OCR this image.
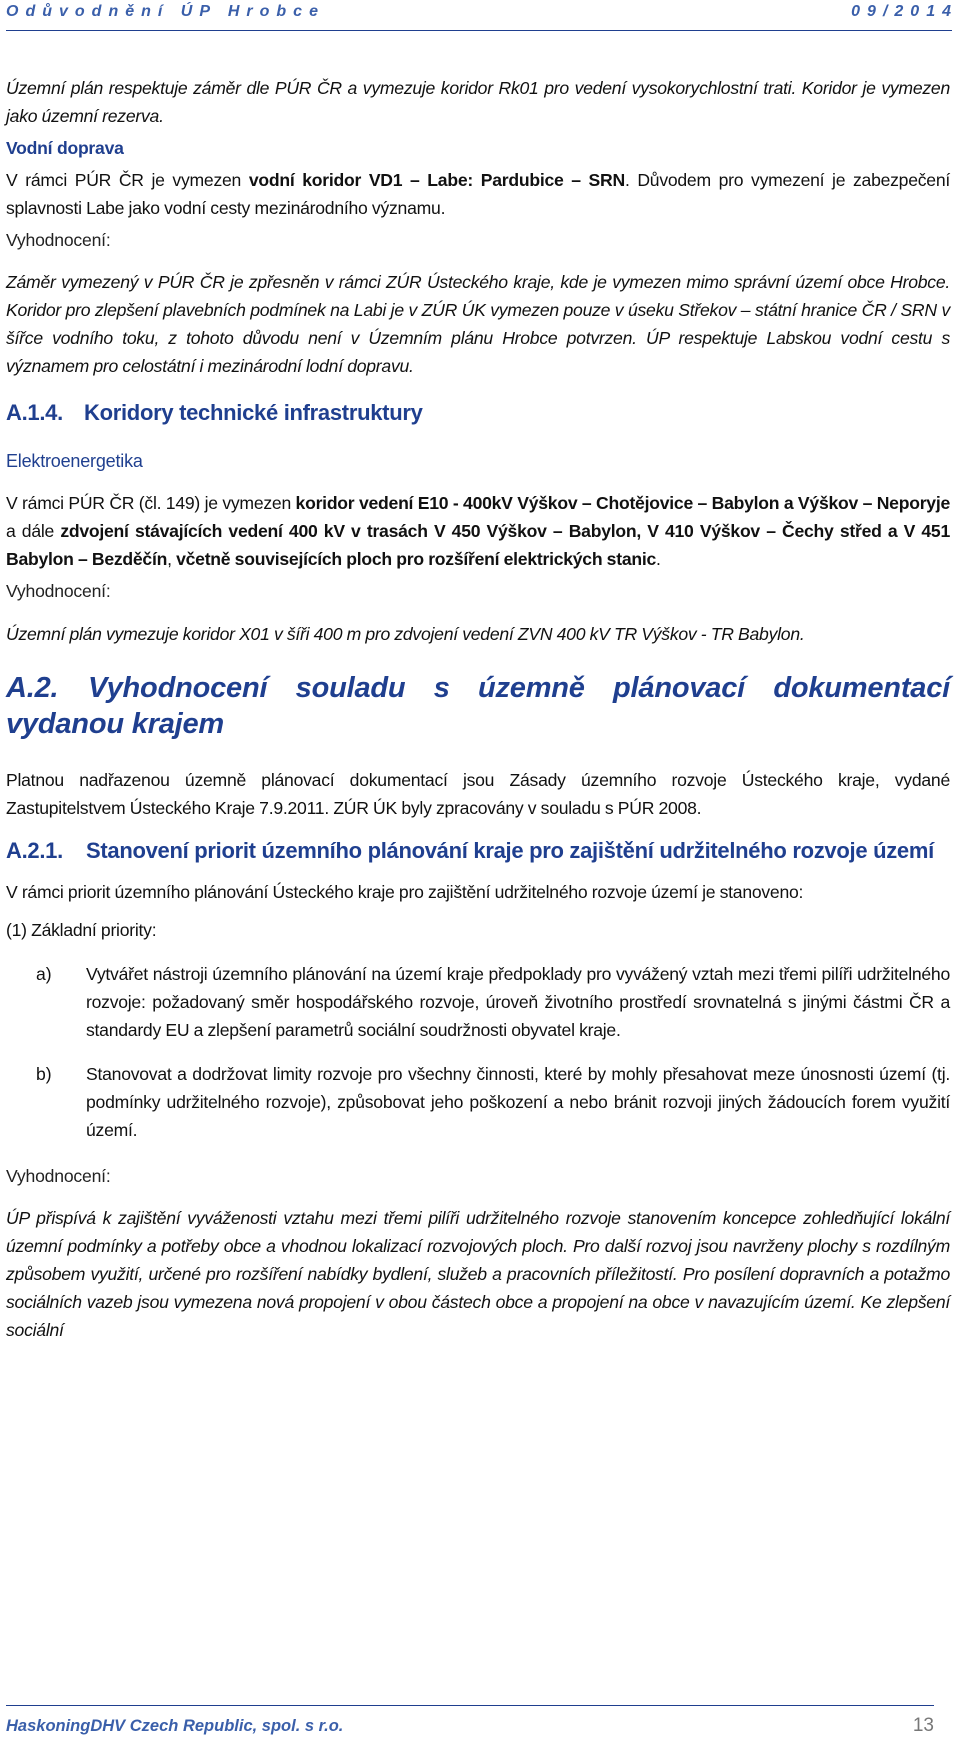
Odůvodnění ÚP Hrobce	09/2014

Územní plán respektuje záměr dle PÚR ČR a vymezuje koridor Rk01 pro vedení vysokorychlostní trati. Koridor je vymezen jako územní rezerva.

Vodní doprava

V rámci PÚR ČR je vymezen vodní koridor VD1 – Labe: Pardubice – SRN. Důvodem pro vymezení je zabezpečení splavnosti Labe jako vodní cesty mezinárodního významu.

Vyhodnocení:

Záměr vymezený v PÚR ČR je zpřesněn v rámci ZÚR Ústeckého kraje, kde je vymezen mimo správní území obce Hrobce. Koridor pro zlepšení plavebních podmínek na Labi je v ZÚR ÚK vymezen pouze v úseku Střekov – státní hranice ČR / SRN v šířce vodního toku, z tohoto důvodu není v Územním plánu Hrobce potvrzen. ÚP respektuje Labskou vodní cestu s významem pro celostátní i mezinárodní lodní dopravu.

A.1.4. Koridory technické infrastruktury
Elektroenergetika

V rámci PÚR ČR (čl. 149) je vymezen koridor vedení E10 - 400kV Výškov – Chotějovice – Babylon a Výškov – Neporyje a dále zdvojení stávajících vedení 400 kV v trasách V 450 Výškov – Babylon, V 410 Výškov – Čechy střed a V 451 Babylon – Bezděčín, včetně souvisejících ploch pro rozšíření elektrických stanic.

Vyhodnocení:

Územní plán vymezuje koridor X01 v šíři 400 m pro zdvojení vedení ZVN 400 kV TR Výškov - TR Babylon.

A.2. Vyhodnocení souladu s územně plánovací dokumentací vydanou krajem

Platnou nadřazenou územně plánovací dokumentací jsou Zásady územního rozvoje Ústeckého kraje, vydané Zastupitelstvem Ústeckého Kraje 7.9.2011. ZÚR ÚK byly zpracovány v souladu s PÚR 2008.

A.2.1. Stanovení priorit územního plánování kraje pro zajištění udržitelného rozvoje území

V rámci priorit územního plánování Ústeckého kraje pro zajištění udržitelného rozvoje území je stanoveno:

(1) Základní priority:
a) Vytvářet nástroji územního plánování na území kraje předpoklady pro vyvážený vztah mezi třemi pilíři udržitelného rozvoje: požadovaný směr hospodářského rozvoje, úroveň životního prostředí srovnatelná s jinými částmi ČR a standardy EU a zlepšení parametrů sociální soudržnosti obyvatel kraje.

b) Stanovovat a dodržovat limity rozvoje pro všechny činnosti, které by mohly přesahovat meze únosnosti území (tj. podmínky udržitelného rozvoje), způsobovat jeho poškození a nebo bránit rozvoji jiných žádoucích forem využití území.

Vyhodnocení:

ÚP přispívá k zajištění vyváženosti vztahu mezi třemi pilíři udržitelného rozvoje stanovením koncepce zohledňující lokální územní podmínky a potřeby obce a vhodnou lokalizací rozvojových ploch. Pro další rozvoj jsou navrženy plochy s rozdílným způsobem využití, určené pro rozšíření nabídky bydlení, služeb a pracovních příležitostí. Pro posílení dopravních a potažmo sociálních vazeb jsou vymezena nová propojení v obou částech obce a propojení na obce v navazujícím území. Ke zlepšení sociální

HaskoningDHV Czech Republic, spol. s r.o.	13
